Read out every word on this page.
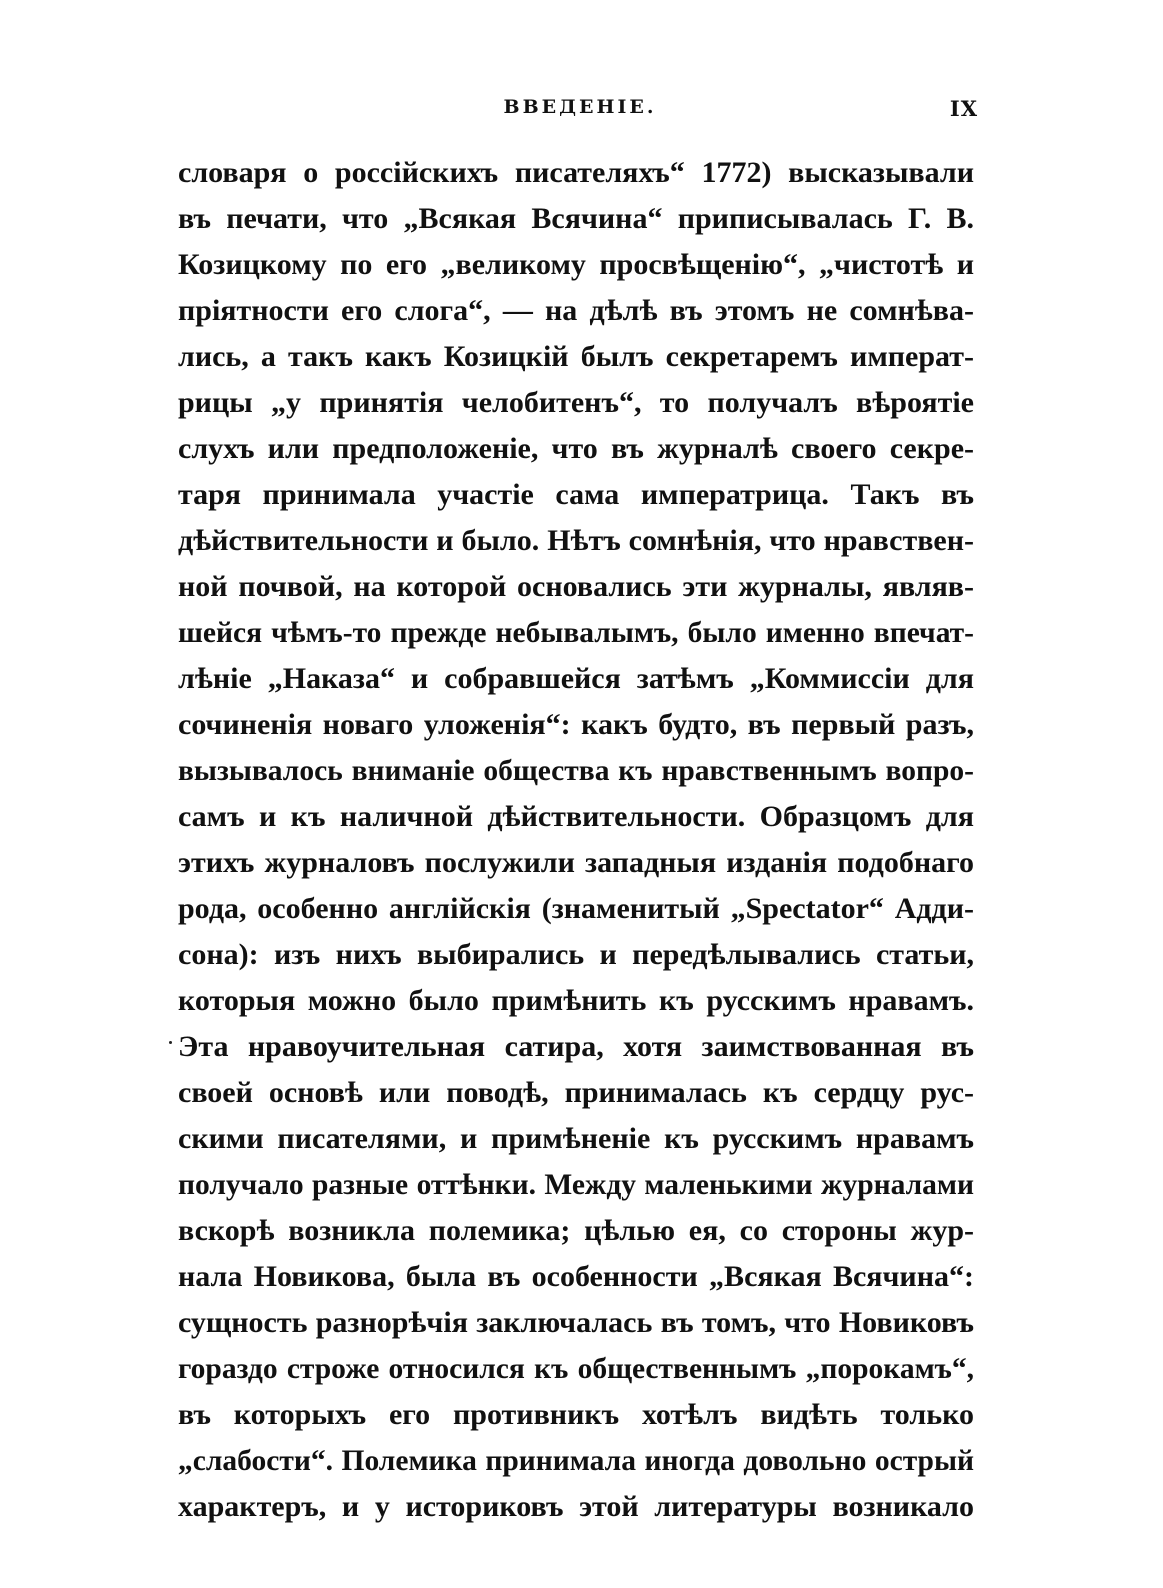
ВВЕДЕНІЕ.	IX
словаря о россійскихъ писателяхъ“ 1772) высказывали
въ печати, что „Всякая Всячина“ приписывалась Г. В.
Козицкому по его „великому просвѣщенію“, „чистотѣ и
пріятности его слога“, — на дѣлѣ въ этомъ не сомнѣва-
лись, а такъ какъ Козицкій былъ секретаремъ императ-
рицы „у принятія челобитенъ“, то получалъ вѣроятіе
слухъ или предположеніе, что въ журналѣ своего секре-
таря принимала участіе сама императрица. Такъ въ
дѣйствительности и было. Нѣтъ сомнѣнія, что нравствен-
ной почвой, на которой основались эти журналы, являв-
шейся чѣмъ-то прежде небывалымъ, было именно впечат-
лѣніе „Наказа“ и собравшейся затѣмъ „Коммиссіи для
сочиненія новаго уложенія“: какъ будто, въ первый разъ,
вызывалось вниманіе общества къ нравственнымъ вопро-
самъ и къ наличной дѣйствительности. Образцомъ для
этихъ журналовъ послужили западныя изданія подобнаго
рода, особенно англійскія (знаменитый „Spectator“ Адди-
сона): изъ нихъ выбирались и передѣлывались статьи,
которыя можно было примѣнить къ русскимъ нравамъ.
Эта нравоучительная сатира, хотя заимствованная въ
своей основѣ или поводѣ, принималась къ сердцу рус-
скими писателями, и примѣненіе къ русскимъ нравамъ
получало разные оттѣнки. Между маленькими журналами
вскорѣ возникла полемика; цѣлью ея, со стороны жур-
нала Новикова, была въ особенности „Всякая Всячина“:
сущность разнорѣчія заключалась въ томъ, что Новиковъ
гораздо строже относился къ общественнымъ „порокамъ“,
въ которыхъ его противникъ хотѣлъ видѣть только
„слабости“. Полемика принимала иногда довольно острый
характеръ, и у историковъ этой литературы возникало
